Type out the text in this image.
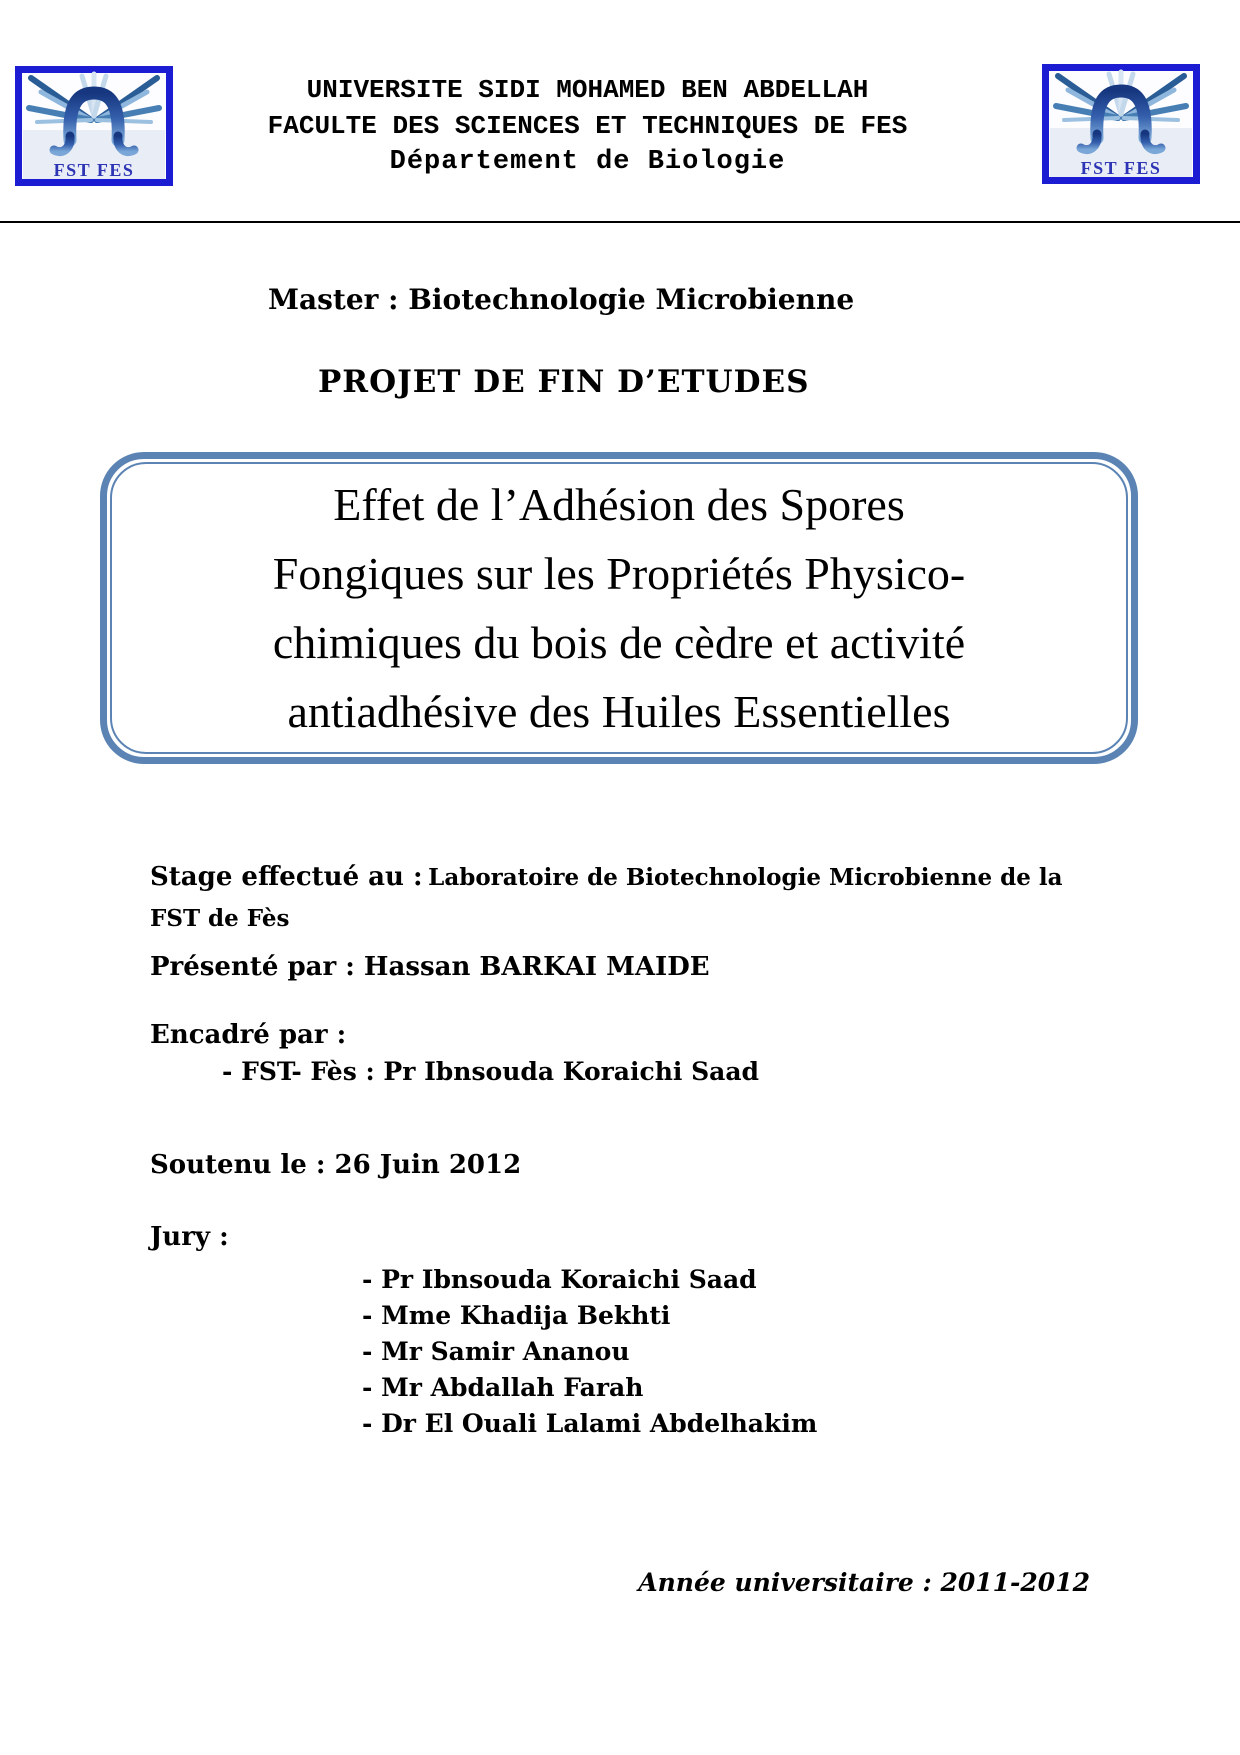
FST FES	FST FES
UNIVERSITE SIDI MOHAMED BEN ABDELLAH
FACULTE DES SCIENCES ET TECHNIQUES DE FES
Département de Biologie
Master : Biotechnologie Microbienne
PROJET DE FIN D’ETUDES
Effet de l’Adhésion des Spores
Fongiques sur les Propriétés Physico-
chimiques du bois de cèdre et activité
antiadhésive des Huiles Essentielles
Stage effectué au : Laboratoire de Biotechnologie Microbienne de la
FST de Fès
Présenté par : Hassan BARKAI MAIDE
Encadré par :
- FST- Fès : Pr Ibnsouda Koraichi Saad
Soutenu le : 26 Juin 2012
Jury :
- Pr Ibnsouda Koraichi Saad
- Mme Khadija Bekhti
- Mr Samir Ananou
- Mr Abdallah Farah
- Dr El Ouali Lalami Abdelhakim
Année universitaire : 2011-2012
